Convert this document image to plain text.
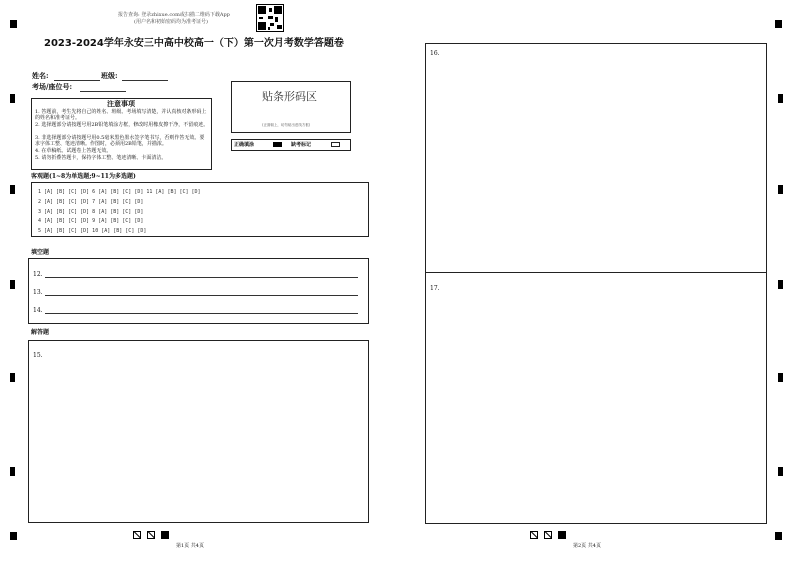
报告查询: 登录zhixue.com或扫描二维码下载App
(用户名和初始密码均为准考证号)
2023-2024学年永安三中高中校高一（下）第一次月考数学答题卷
姓名:	班级:
考场/座位号:
注意事项
1. 答题前，考生先将自己的姓名、班级、考场填写清楚，并认真核对条形码上的姓名和准考证号。
2. 选择题部分请按题号用2B铅笔填涂方框，修改时用橡皮擦干净，不留痕迹。
3. 非选择题部分请按题号用0.5毫米黑色墨水签字笔书写，否则作答无效。要求字体工整、笔迹清晰。作图时，必须用2B铅笔，并描浓。
4. 在草稿纸、试题卷上答题无效。
5. 请勿折叠答题卡，保持字体工整、笔迹清晰、卡面清洁。
贴条形码区
(正面朝上，切勿贴出虚线方框)
正确填涂	缺考标记
客观题(1~8为单选题;9~11为多选题)
1 [A] [B] [C] [D] 6 [A] [B] [C] [D] 11 [A] [B] [C] [D]
2 [A] [B] [C] [D] 7 [A] [B] [C] [D]
3 [A] [B] [C] [D] 8 [A] [B] [C] [D]
4 [A] [B] [C] [D] 9 [A] [B] [C] [D]
5 [A] [B] [C] [D] 10 [A] [B] [C] [D]
填空题
12.
13.
14.
解答题
15.
第1页 共4页
16.
17.
第2页 共4页
